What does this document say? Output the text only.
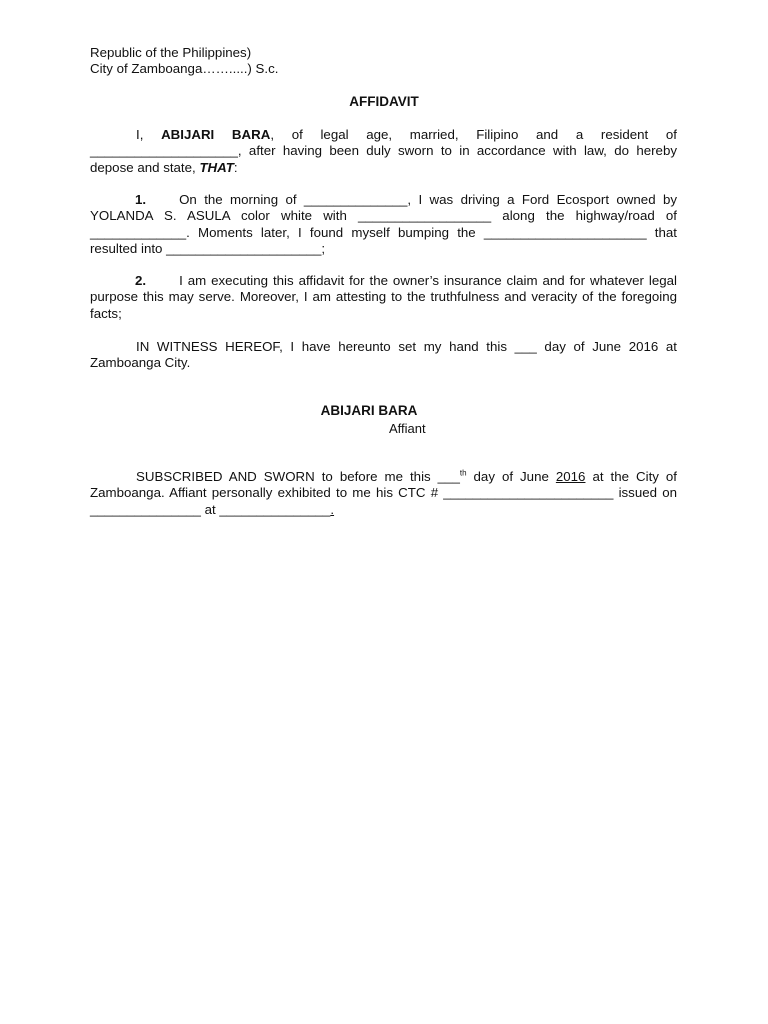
Republic of the Philippines)
City of Zamboanga…….....) S.c.
AFFIDAVIT
I, ABIJARI BARA, of legal age, married, Filipino and a resident of ____________________, after having been duly sworn to in accordance with law, do hereby depose and state, THAT:
1. On the morning of ______________, I was driving a Ford Ecosport owned by YOLANDA S. ASULA color white with __________________ along the highway/road of _____________. Moments later, I found myself bumping the ______________________ that resulted into _____________________;
2. I am executing this affidavit for the owner’s insurance claim and for whatever legal purpose this may serve. Moreover, I am attesting to the truthfulness and veracity of the foregoing facts;
IN WITNESS HEREOF, I have hereunto set my hand this ___ day of June 2016 at Zamboanga City.
ABIJARI BARA
Affiant
SUBSCRIBED AND SWORN to before me this ___$^{th}$ day of June 2016 at the City of Zamboanga. Affiant personally exhibited to me his CTC # _______________________ issued on _______________ at _______________.
